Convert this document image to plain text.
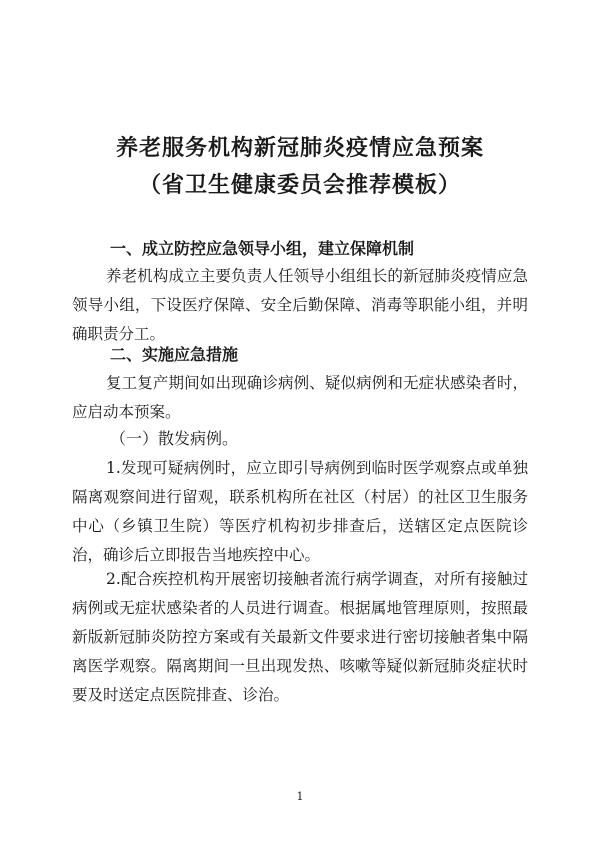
养老服务机构新冠肺炎疫情应急预案
（省卫生健康委员会推荐模板）
一、成立防控应急领导小组，建立保障机制

养老机构成立主要负责人任领导小组组长的新冠肺炎疫情应急领导小组，下设医疗保障、安全后勤保障、消毒等职能小组，并明确职责分工。

二、实施应急措施

复工复产期间如出现确诊病例、疑似病例和无症状感染者时，应启动本预案。

（一）散发病例。

1.发现可疑病例时，应立即引导病例到临时医学观察点或单独隔离观察间进行留观，联系机构所在社区（村居）的社区卫生服务中心（乡镇卫生院）等医疗机构初步排查后，送辖区定点医院诊治，确诊后立即报告当地疾控中心。

2.配合疾控机构开展密切接触者流行病学调查，对所有接触过病例或无症状感染者的人员进行调查。根据属地管理原则，按照最新版新冠肺炎防控方案或有关最新文件要求进行密切接触者集中隔离医学观察。隔离期间一旦出现发热、咳嗽等疑似新冠肺炎症状时要及时送定点医院排查、诊治。

1
